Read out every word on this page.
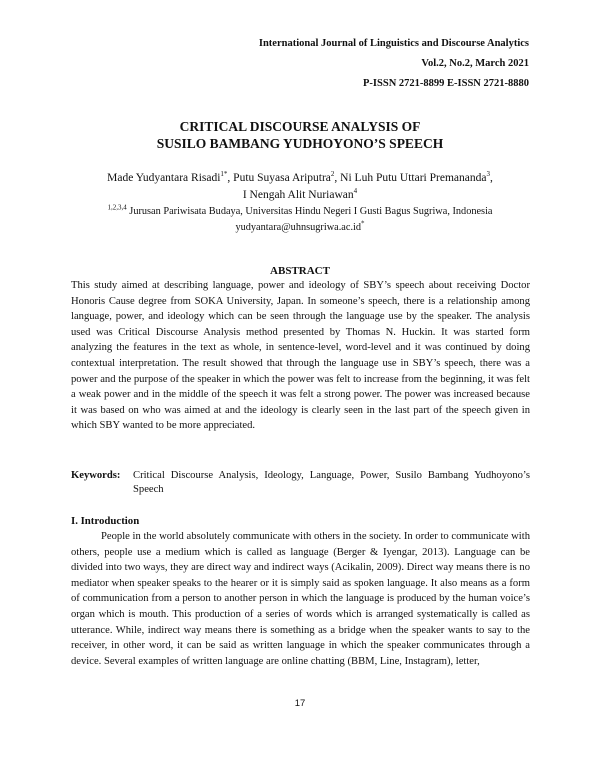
International Journal of Linguistics and Discourse Analytics
Vol.2, No.2, March 2021
P-ISSN 2721-8899 E-ISSN 2721-8880
CRITICAL DISCOURSE ANALYSIS OF
SUSILO BAMBANG YUDHOYONO’S SPEECH
Made Yudyantara Risadi$^{1*}$, Putu Suyasa Ariputra$^2$, Ni Luh Putu Uttari Premananda$^3$,
I Nengah Alit Nuriawan$^4$
$^{1,2,3,4}$ Jurusan Pariwisata Budaya, Universitas Hindu Negeri I Gusti Bagus Sugriwa, Indonesia
yudyantara@uhnsugriwa.ac.id*
ABSTRACT
This study aimed at describing language, power and ideology of SBY’s speech about receiving Doctor Honoris Cause degree from SOKA University, Japan. In someone’s speech, there is a relationship among language, power, and ideology which can be seen through the language use by the speaker. The analysis used was Critical Discourse Analysis method presented by Thomas N. Huckin. It was started form analyzing the features in the text as whole, in sentence-level, word-level and it was continued by doing contextual interpretation. The result showed that through the language use in SBY’s speech, there was a power and the purpose of the speaker in which the power was felt to increase from the beginning, it was felt a weak power and in the middle of the speech it was felt a strong power. The power was increased because it was based on who was aimed at and the ideology is clearly seen in the last part of the speech given in which SBY wanted to be more appreciated.
Keywords:	Critical Discourse Analysis, Ideology, Language, Power, Susilo Bambang Yudhoyono’s Speech
I. Introduction
People in the world absolutely communicate with others in the society. In order to communicate with others, people use a medium which is called as language (Berger & Iyengar, 2013). Language can be divided into two ways, they are direct way and indirect ways (Acikalin, 2009). Direct way means there is no mediator when speaker speaks to the hearer or it is simply said as spoken language. It also means as a form of communication from a person to another person in which the language is produced by the human voice’s organ which is mouth. This production of a series of words which is arranged systematically is called as utterance. While, indirect way means there is something as a bridge when the speaker wants to say to the receiver, in other word, it can be said as written language in which the speaker communicates through a device. Several examples of written language are online chatting (BBM, Line, Instagram), letter,
17
